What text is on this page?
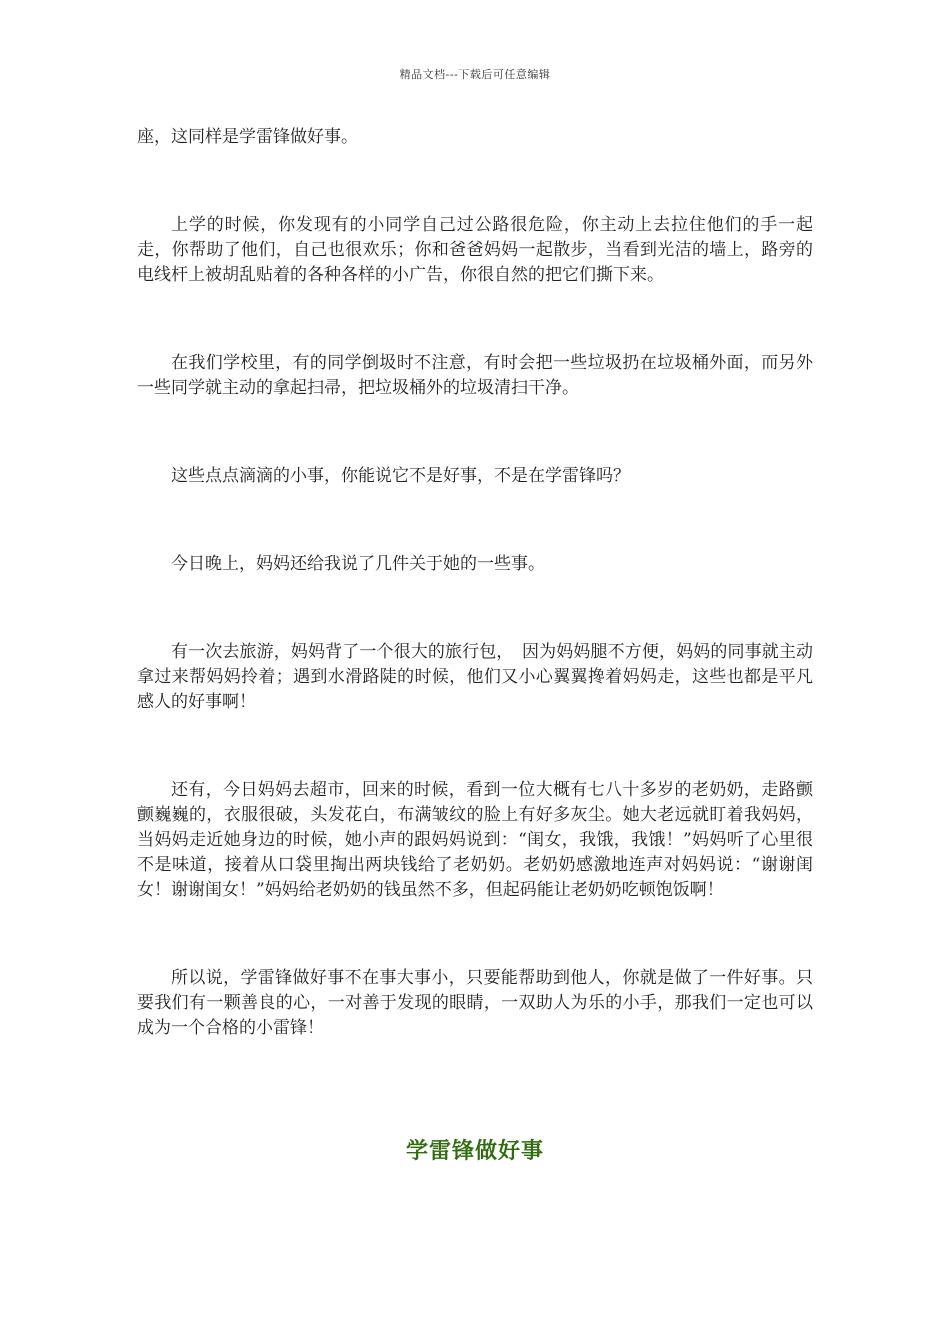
精品文档---下载后可任意编辑

座，这同样是学雷锋做好事。

上学的时候，你发现有的小同学自己过公路很危险，你主动上去拉住他们的手一起走，你帮助了他们，自己也很欢乐；你和爸爸妈妈一起散步，当看到光洁的墙上，路旁的电线杆上被胡乱贴着的各种各样的小广告，你很自然的把它们撕下来。

在我们学校里，有的同学倒圾时不注意，有时会把一些垃圾扔在垃圾桶外面，而另外一些同学就主动的拿起扫帚，把垃圾桶外的垃圾清扫干净。

这些点点滴滴的小事，你能说它不是好事，不是在学雷锋吗？

今日晚上，妈妈还给我说了几件关于她的一些事。

有一次去旅游，妈妈背了一个很大的旅行包，　因为妈妈腿不方便，妈妈的同事就主动拿过来帮妈妈拎着；遇到水滑路陡的时候，他们又小心翼翼搀着妈妈走，这些也都是平凡感人的好事啊！

还有，今日妈妈去超市，回来的时候，看到一位大概有七八十多岁的老奶奶，走路颤颤巍巍的，衣服很破，头发花白，布满皱纹的脸上有好多灰尘。她大老远就盯着我妈妈，当妈妈走近她身边的时候，她小声的跟妈妈说到：“闺女，我饿，我饿！”妈妈听了心里很不是味道，接着从口袋里掏出两块钱给了老奶奶。老奶奶感激地连声对妈妈说：“谢谢闺女！谢谢闺女！”妈妈给老奶奶的钱虽然不多，但起码能让老奶奶吃顿饱饭啊！

所以说，学雷锋做好事不在事大事小，只要能帮助到他人，你就是做了一件好事。只要我们有一颗善良的心，一对善于发现的眼睛，一双助人为乐的小手，那我们一定也可以成为一个合格的小雷锋！

学雷锋做好事
